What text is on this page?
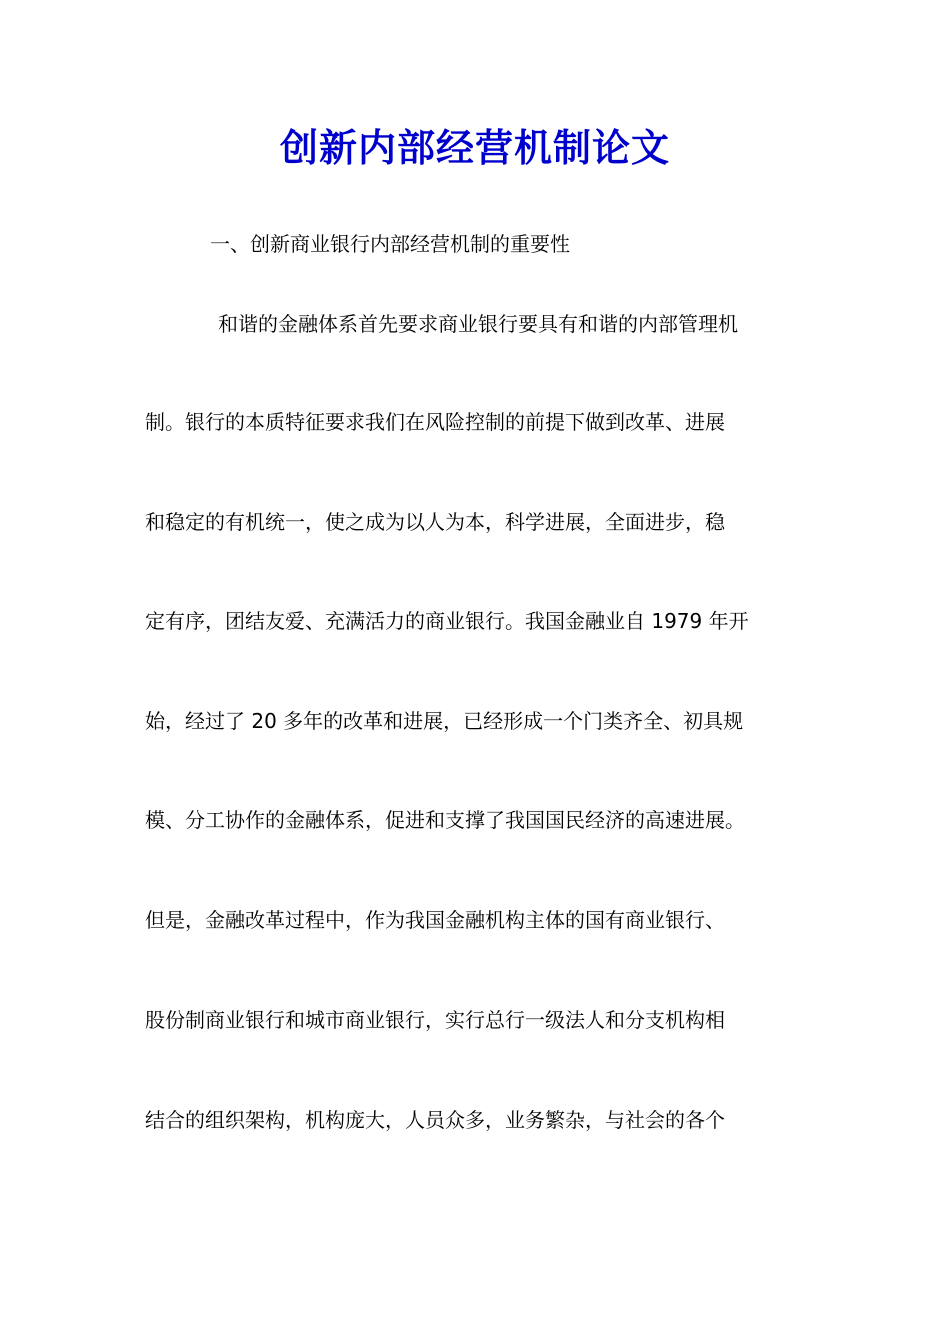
创新内部经营机制论文
一、创新商业银行内部经营机制的重要性
和谐的金融体系首先要求商业银行要具有和谐的内部管理机
制。银行的本质特征要求我们在风险控制的前提下做到改革、进展
和稳定的有机统一，使之成为以人为本，科学进展，全面进步，稳
定有序，团结友爱、充满活力的商业银行。我国金融业自 1979 年开
始，经过了 20 多年的改革和进展，已经形成一个门类齐全、初具规
模、分工协作的金融体系，促进和支撑了我国国民经济的高速进展。
但是，金融改革过程中，作为我国金融机构主体的国有商业银行、
股份制商业银行和城市商业银行，实行总行一级法人和分支机构相
结合的组织架构，机构庞大，人员众多，业务繁杂，与社会的各个
